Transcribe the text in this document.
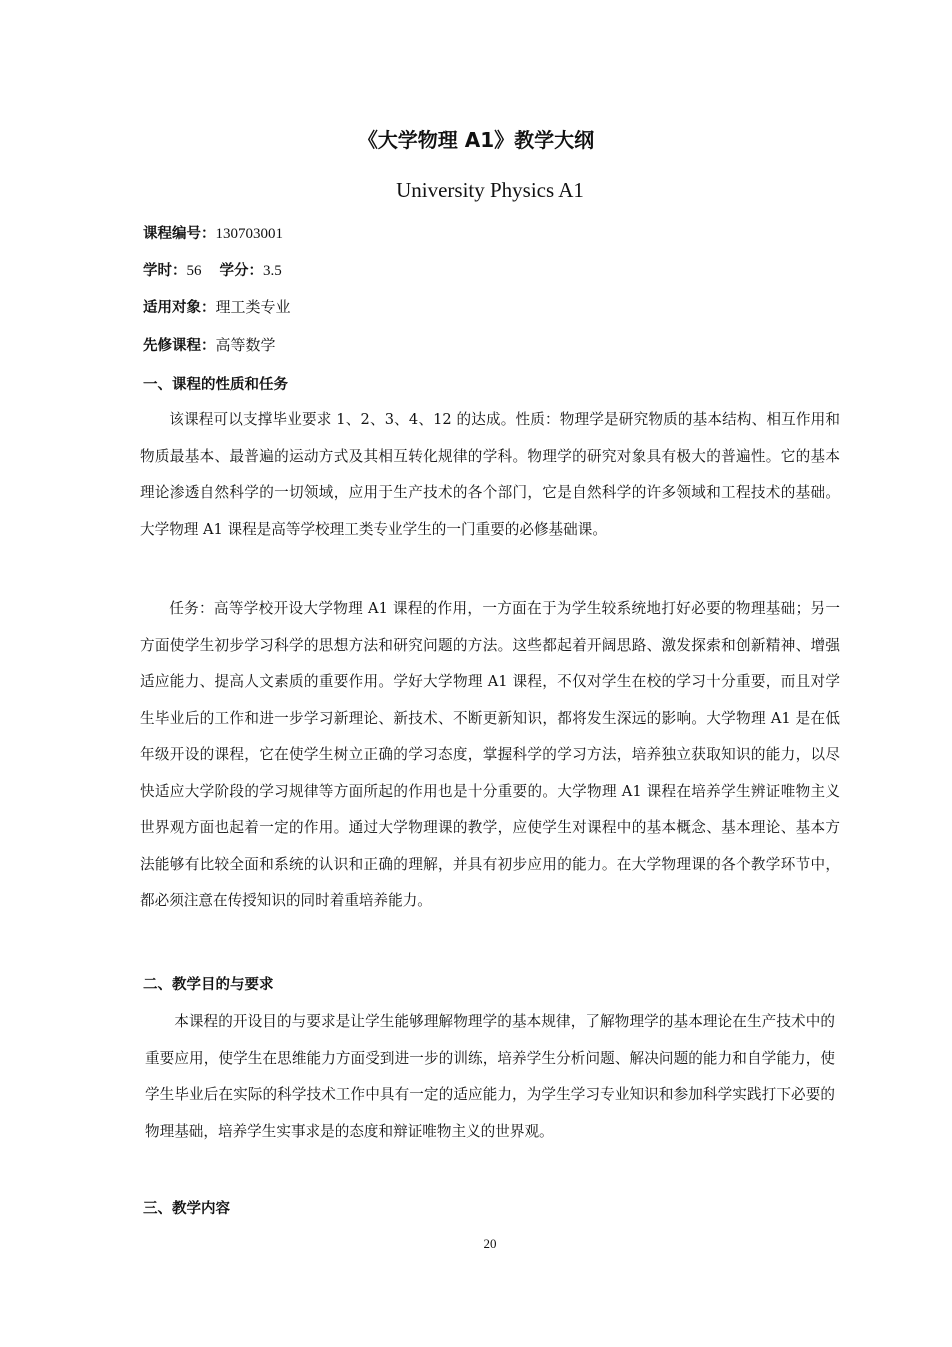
《大学物理 A1》教学大纲
University Physics A1
课程编号：130703001
学时：56 学分：3.5
适用对象：理工类专业
先修课程：高等数学
一、课程的性质和任务

该课程可以支撑毕业要求 1、2、3、4、12 的达成。性质：物理学是研究物质的基本结构、相互作用和物质最基本、最普遍的运动方式及其相互转化规律的学科。物理学的研究对象具有极大的普遍性。它的基本理论渗透自然科学的一切领域，应用于生产技术的各个部门，它是自然科学的许多领域和工程技术的基础。大学物理 A1 课程是高等学校理工类专业学生的一门重要的必修基础课。

任务：高等学校开设大学物理 A1 课程的作用，一方面在于为学生较系统地打好必要的物理基础；另一方面使学生初步学习科学的思想方法和研究问题的方法。这些都起着开阔思路、激发探索和创新精神、增强适应能力、提高人文素质的重要作用。学好大学物理 A1 课程，不仅对学生在校的学习十分重要，而且对学生毕业后的工作和进一步学习新理论、新技术、不断更新知识，都将发生深远的影响。大学物理 A1 是在低年级开设的课程，它在使学生树立正确的学习态度，掌握科学的学习方法，培养独立获取知识的能力，以尽快适应大学阶段的学习规律等方面所起的作用也是十分重要的。大学物理 A1 课程在培养学生辨证唯物主义世界观方面也起着一定的作用。通过大学物理课的教学，应使学生对课程中的基本概念、基本理论、基本方法能够有比较全面和系统的认识和正确的理解，并具有初步应用的能力。在大学物理课的各个教学环节中，都必须注意在传授知识的同时着重培养能力。

二、教学目的与要求

本课程的开设目的与要求是让学生能够理解物理学的基本规律，了解物理学的基本理论在生产技术中的重要应用，使学生在思维能力方面受到进一步的训练，培养学生分析问题、解决问题的能力和自学能力，使学生毕业后在实际的科学技术工作中具有一定的适应能力，为学生学习专业知识和参加科学实践打下必要的物理基础，培养学生实事求是的态度和辩证唯物主义的世界观。

三、教学内容
20
